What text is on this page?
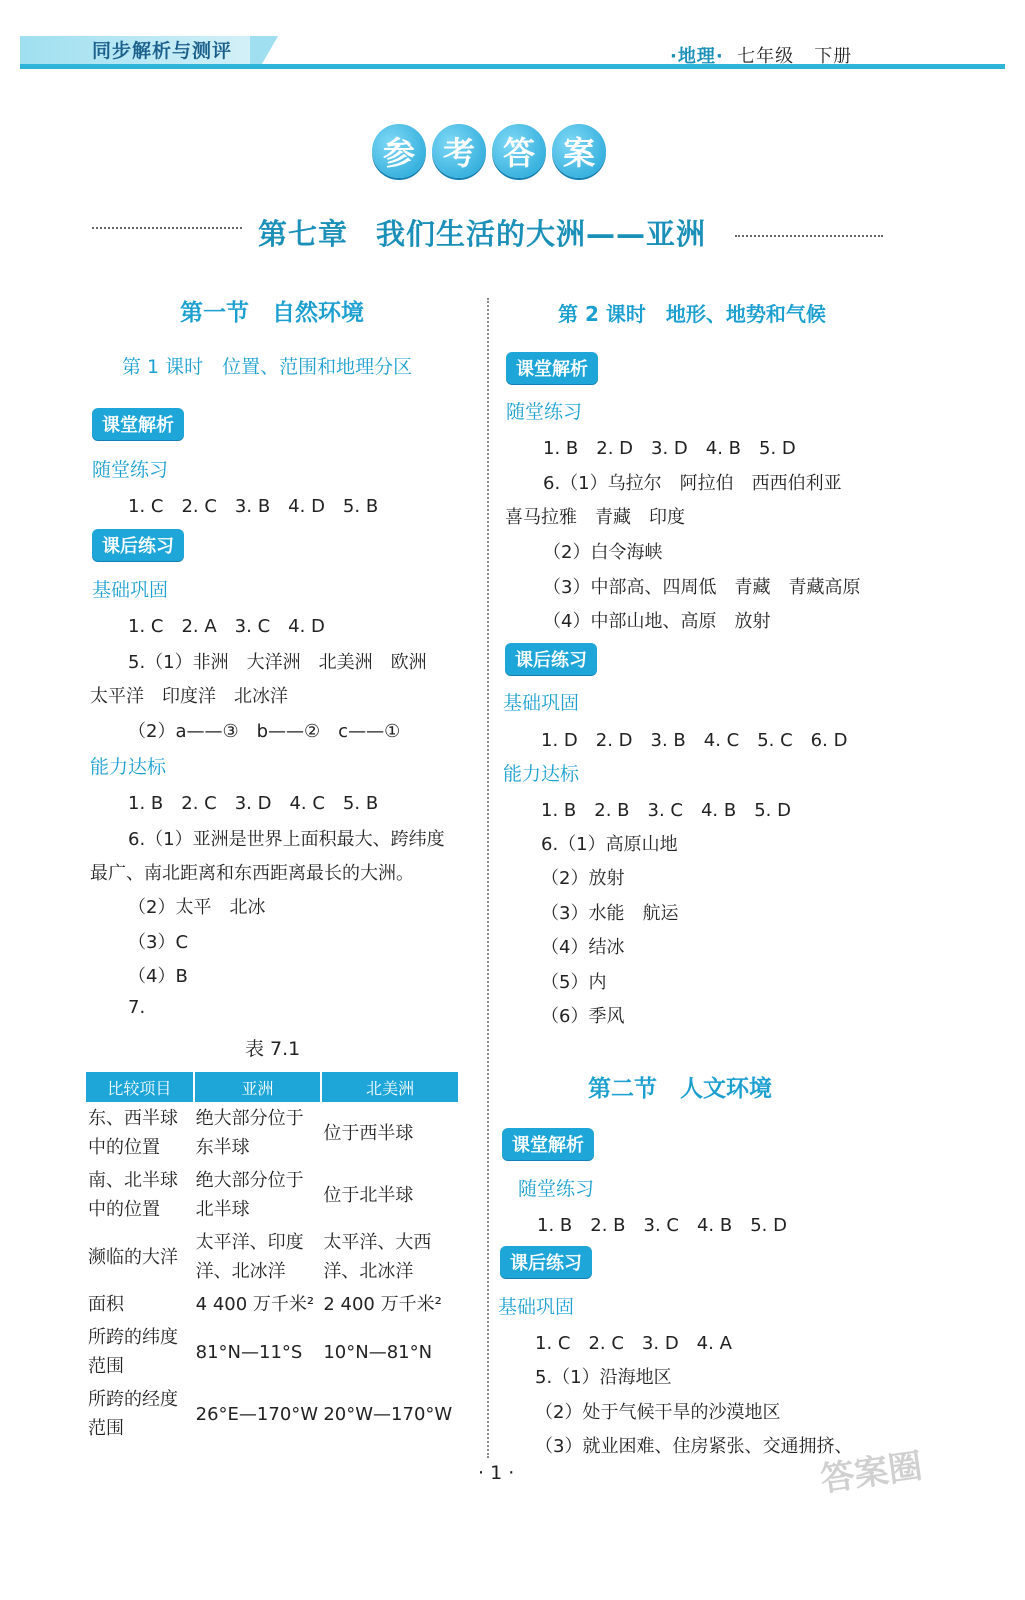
同步解析与测评	·地理· 七年级 下册
参 考 答 案
第七章 我们生活的大洲——亚洲
第一节　自然环境
第 1 课时　位置、范围和地理分区
课堂解析
随堂练习
1. C　2. C　3. B　4. D　5. B
课后练习
基础巩固
1. C　2. A　3. C　4. D
5.（1）非洲　大洋洲　北美洲　欧洲
太平洋　印度洋　北冰洋
（2）a——③　b——②　c——①
能力达标
1. B　2. C　3. D　4. C　5. B
6.（1）亚洲是世界上面积最大、跨纬度
最广、南北距离和东西距离最长的大洲。
（2）太平　北冰
（3）C
（4）B
7.
表 7.1
比较项目	亚洲	北美洲
东、西半球中的位置	绝大部分位于东半球	位于西半球
南、北半球中的位置	绝大部分位于北半球	位于北半球
濒临的大洋	太平洋、印度洋、北冰洋	太平洋、大西洋、北冰洋
面积	4 400 万千米²	2 400 万千米²
所跨的纬度范围	81°N—11°S	10°N—81°N
所跨的经度范围	26°E—170°W	20°W—170°W
第 2 课时　地形、地势和气候
课堂解析
随堂练习
1. B　2. D　3. D　4. B　5. D
6.（1）乌拉尔　阿拉伯　西西伯利亚
喜马拉雅　青藏　印度
（2）白令海峡
（3）中部高、四周低　青藏　青藏高原
（4）中部山地、高原　放射
课后练习
基础巩固
1. D　2. D　3. B　4. C　5. C　6. D
能力达标
1. B　2. B　3. C　4. B　5. D
6.（1）高原山地
（2）放射
（3）水能　航运
（4）结冰
（5）内
（6）季风
第二节　人文环境
课堂解析
随堂练习
1. B　2. B　3. C　4. B　5. D
课后练习
基础巩固
1. C　2. C　3. D　4. A
5.（1）沿海地区
（2）处于气候干旱的沙漠地区
（3）就业困难、住房紧张、交通拥挤、
· 1 ·	答案圈
